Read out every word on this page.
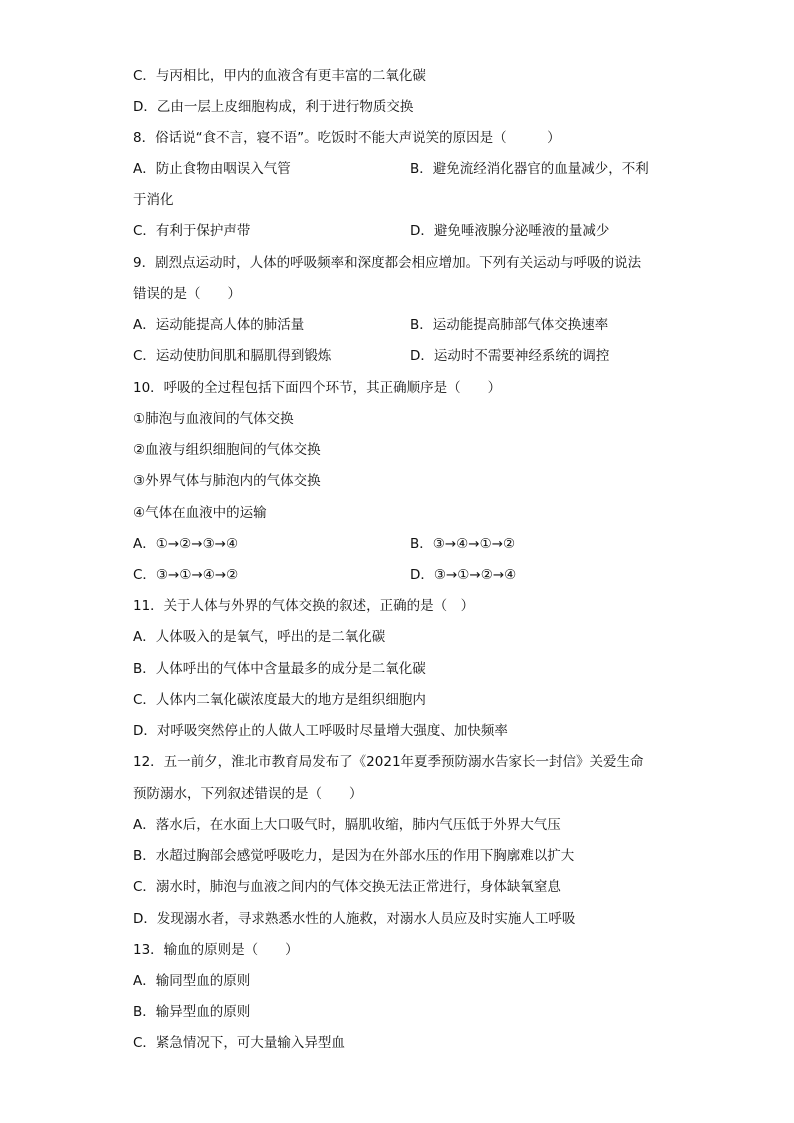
C．与丙相比，甲内的血液含有更丰富的二氧化碳
D．乙由一层上皮细胞构成，利于进行物质交换
8．俗话说“食不言，寝不语”。吃饭时不能大声说笑的原因是（　　　）
A．防止食物由咽误入气管	B．避免流经消化器官的血量减少，不利
于消化
C．有利于保护声带	D．避免唾液腺分泌唾液的量减少
9．剧烈点运动时，人体的呼吸频率和深度都会相应增加。下列有关运动与呼吸的说法
错误的是（　　）
A．运动能提高人体的肺活量	B．运动能提高肺部气体交换速率
C．运动使肋间肌和膈肌得到锻炼	D．运动时不需要神经系统的调控
10．呼吸的全过程包括下面四个环节，其正确顺序是（　　）
①肺泡与血液间的气体交换
②血液与组织细胞间的气体交换
③外界气体与肺泡内的气体交换
④气体在血液中的运输
A．①→②→③→④	B．③→④→①→②
C．③→①→④→②	D．③→①→②→④
11．关于人体与外界的气体交换的叙述，正确的是（　）
A．人体吸入的是氧气，呼出的是二氧化碳
B．人体呼出的气体中含量最多的成分是二氧化碳
C．人体内二氧化碳浓度最大的地方是组织细胞内
D．对呼吸突然停止的人做人工呼吸时尽量增大强度、加快频率
12．五一前夕，淮北市教育局发布了《2021年夏季预防溺水告家长一封信》关爱生命
预防溺水，下列叙述错误的是（　　）
A．落水后，在水面上大口吸气时，膈肌收缩，肺内气压低于外界大气压
B．水超过胸部会感觉呼吸吃力，是因为在外部水压的作用下胸廓难以扩大
C．溺水时，肺泡与血液之间内的气体交换无法正常进行，身体缺氧窒息
D．发现溺水者，寻求熟悉水性的人施救，对溺水人员应及时实施人工呼吸
13．输血的原则是（　　）
A．输同型血的原则
B．输异型血的原则
C．紧急情况下，可大量输入异型血
